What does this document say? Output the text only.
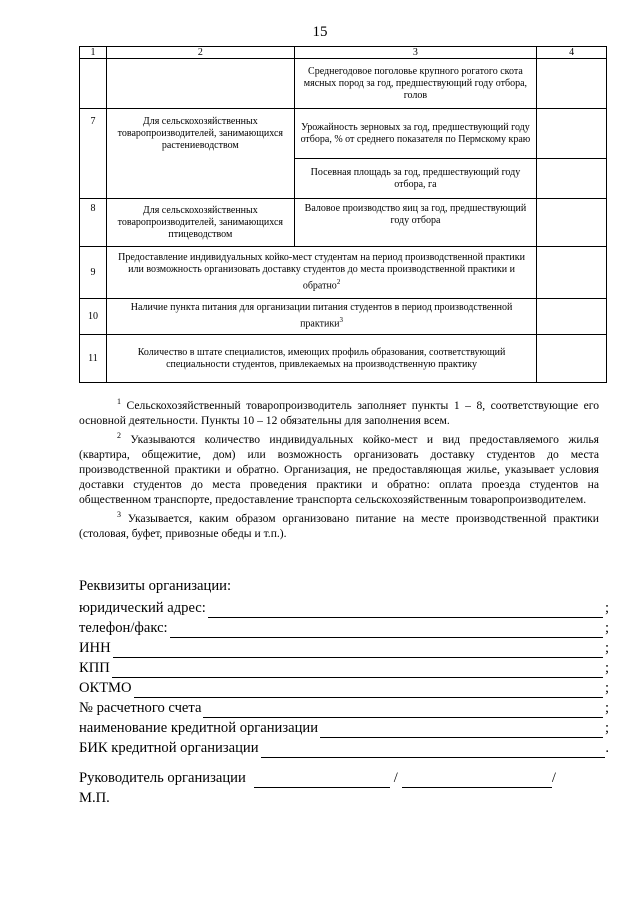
15
1	2	3	4
		Среднегодовое поголовье крупного рогатого скота мясных пород за год, предшествующий году отбора, голов	
7	Для сельскохозяйственных товаропроизводителей, занимающихся растениеводством	Урожайность зерновых за год, предшествующий году отбора, % от среднего показателя по Пермскому краю	
		Посевная площадь за год, предшествующий году отбора, га	
8	Для сельскохозяйственных товаропроизводителей, занимающихся птицеводством	Валовое производство яиц за год, предшествующий году отбора	
9	Предоставление индивидуальных койко-мест студентам на период производственной практики или возможность организовать доставку студентов до места производственной практики и обратно$^2$	
10	Наличие пункта питания для организации питания студентов в период производственной практики$^3$	
11	Количество в штате специалистов, имеющих профиль образования, соответствующий специальности студентов, привлекаемых на производственную практику		

$^1$ Сельскохозяйственный товаропроизводитель заполняет пункты 1 – 8, соответствующие его основной деятельности. Пункты 10 – 12 обязательны для заполнения всем.

$^2$ Указываются количество индивидуальных койко-мест и вид предоставляемого жилья (квартира, общежитие, дом) или возможность организовать доставку студентов до места производственной практики и обратно. Организация, не предоставляющая жилье, указывает условия доставки студентов до места проведения практики и обратно: оплата проезда студентов на общественном транспорте, предоставление транспорта сельскохозяйственным товаропроизводителем.

$^3$ Указывается, каким образом организовано питание на месте производственной практики (столовая, буфет, привозные обеды и т.п.).

Реквизиты организации:
юридический адрес:	;
телефон/факс:	;
ИНН	;
КПП	;
ОКТМО	;
№ расчетного счета	;
наименование кредитной организации	;
БИК кредитной организации	.
Руководитель организации	/	/
М.П.
